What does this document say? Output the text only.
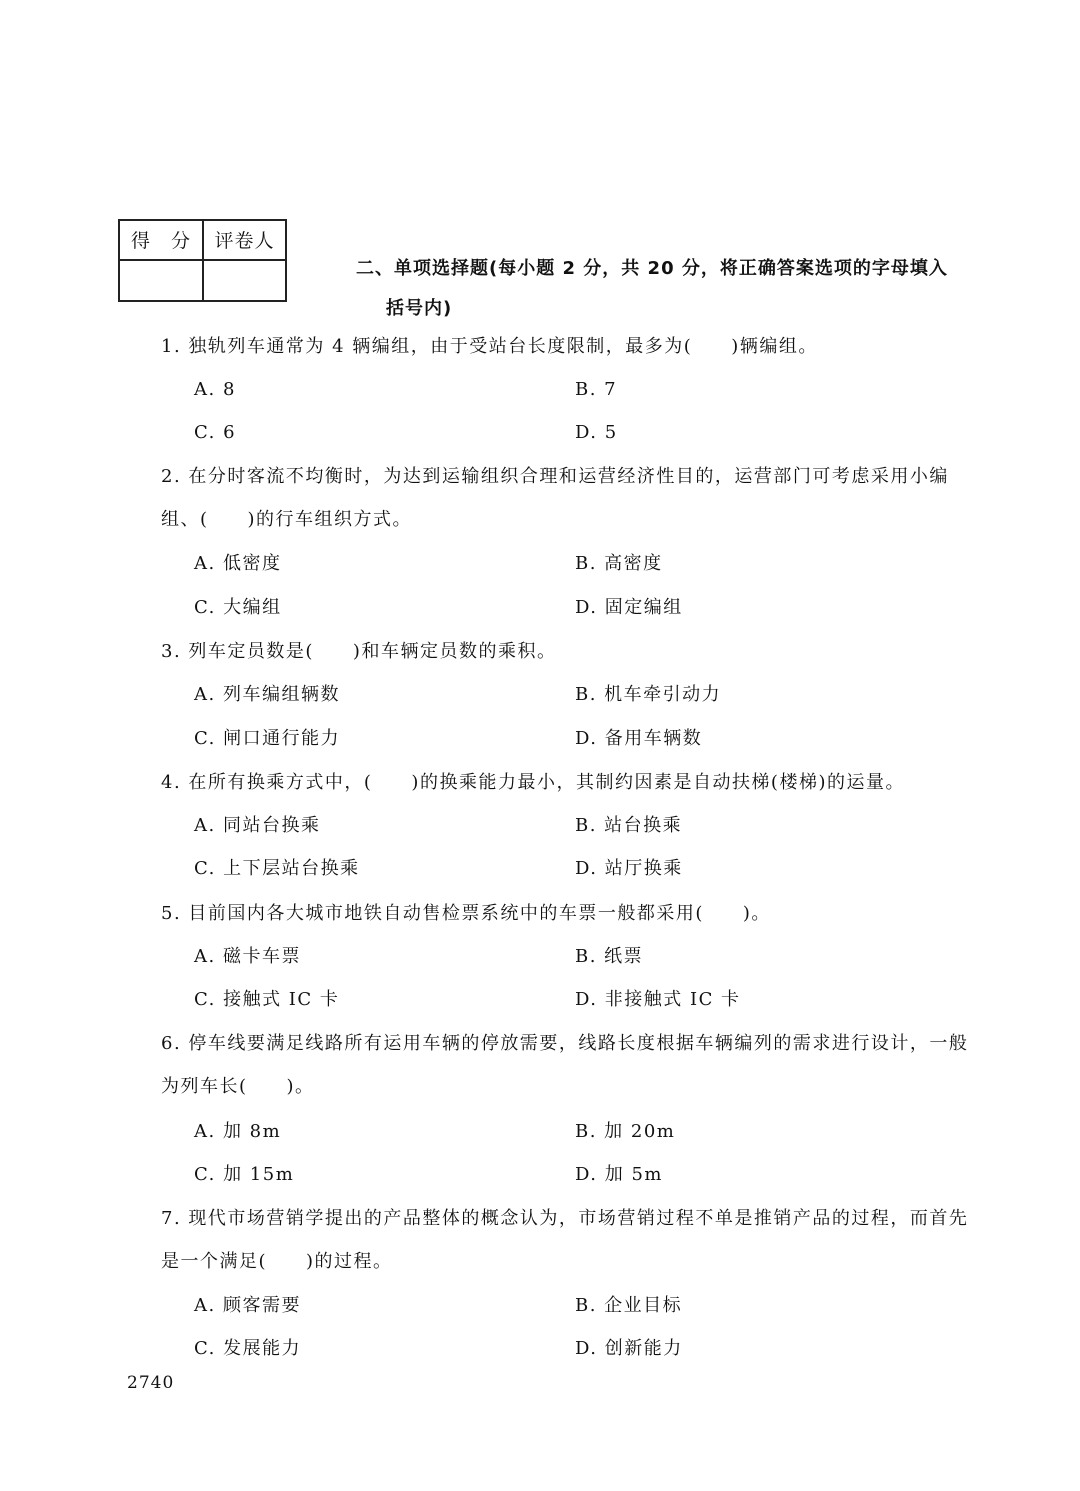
得　分	评卷人
二、单项选择题(每小题 2 分，共 20 分，将正确答案选项的字母填入
括号内)
1. 独轨列车通常为 4 辆编组，由于受站台长度限制，最多为(　　)辆编组。
A. 8	B. 7
C. 6	D. 5
2. 在分时客流不均衡时，为达到运输组织合理和运营经济性目的，运营部门可考虑采用小编组、(　　)的行车组织方式。
A. 低密度	B. 高密度
C. 大编组	D. 固定编组
3. 列车定员数是(　　)和车辆定员数的乘积。
A. 列车编组辆数	B. 机车牵引动力
C. 闸口通行能力	D. 备用车辆数
4. 在所有换乘方式中，(　　)的换乘能力最小，其制约因素是自动扶梯(楼梯)的运量。
A. 同站台换乘	B. 站台换乘
C. 上下层站台换乘	D. 站厅换乘
5. 目前国内各大城市地铁自动售检票系统中的车票一般都采用(　　)。
A. 磁卡车票	B. 纸票
C. 接触式 IC 卡	D. 非接触式 IC 卡
6. 停车线要满足线路所有运用车辆的停放需要，线路长度根据车辆编列的需求进行设计，一般为列车长(　　)。
A. 加 8m	B. 加 20m
C. 加 15m	D. 加 5m
7. 现代市场营销学提出的产品整体的概念认为，市场营销过程不单是推销产品的过程，而首先是一个满足(　　)的过程。
A. 顾客需要	B. 企业目标
C. 发展能力	D. 创新能力
2740
